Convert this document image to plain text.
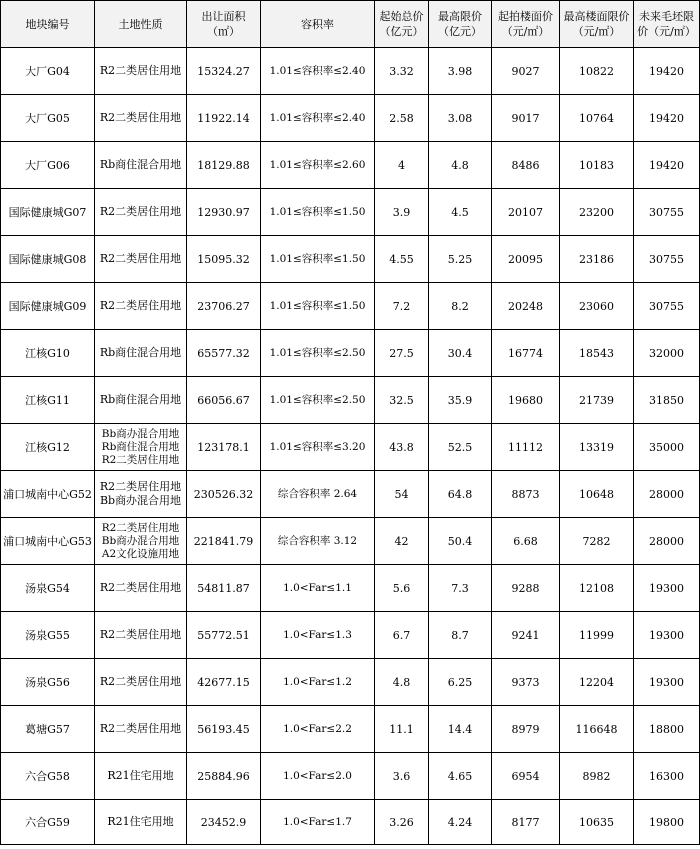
地块编号	土地性质	出让面积（㎡）	容积率	起始总价（亿元）	最高限价（亿元）	起拍楼面价（元/㎡）	最高楼面限价（元/㎡）	未来毛坯限价（元/㎡）
大厂G04	R2二类居住用地	15324.27	1.01≤容积率≤2.40	3.32	3.98	9027	10822	19420
大厂G05	R2二类居住用地	11922.14	1.01≤容积率≤2.40	2.58	3.08	9017	10764	19420
大厂G06	Rb商住混合用地	18129.88	1.01≤容积率≤2.60	4	4.8	8486	10183	19420
国际健康城G07	R2二类居住用地	12930.97	1.01≤容积率≤1.50	3.9	4.5	20107	23200	30755
国际健康城G08	R2二类居住用地	15095.32	1.01≤容积率≤1.50	4.55	5.25	20095	23186	30755
国际健康城G09	R2二类居住用地	23706.27	1.01≤容积率≤1.50	7.2	8.2	20248	23060	30755
江核G10	Rb商住混合用地	65577.32	1.01≤容积率≤2.50	27.5	30.4	16774	18543	32000
江核G11	Rb商住混合用地	66056.67	1.01≤容积率≤2.50	32.5	35.9	19680	21739	31850
江核G12	Bb商办混合用地Rb商住混合用地R2二类居住用地	123178.1	1.01≤容积率≤3.20	43.8	52.5	11112	13319	35000
浦口城南中心G52	R2二类居住用地Bb商办混合用地	230526.32	综合容积率 2.64	54	64.8	8873	10648	28000
浦口城南中心G53	R2二类居住用地Bb商办混合用地A2文化设施用地	221841.79	综合容积率 3.12	42	50.4	6.68	7282	28000
汤泉G54	R2二类居住用地	54811.87	1.0<Far≤1.1	5.6	7.3	9288	12108	19300
汤泉G55	R2二类居住用地	55772.51	1.0<Far≤1.3	6.7	8.7	9241	11999	19300
汤泉G56	R2二类居住用地	42677.15	1.0<Far≤1.2	4.8	6.25	9373	12204	19300
葛塘G57	R2二类居住用地	56193.45	1.0<Far≤2.2	11.1	14.4	8979	116648	18800
六合G58	R21住宅用地	25884.96	1.0<Far≤2.0	3.6	4.65	6954	8982	16300
六合G59	R21住宅用地	23452.9	1.0<Far≤1.7	3.26	4.24	8177	10635	19800
